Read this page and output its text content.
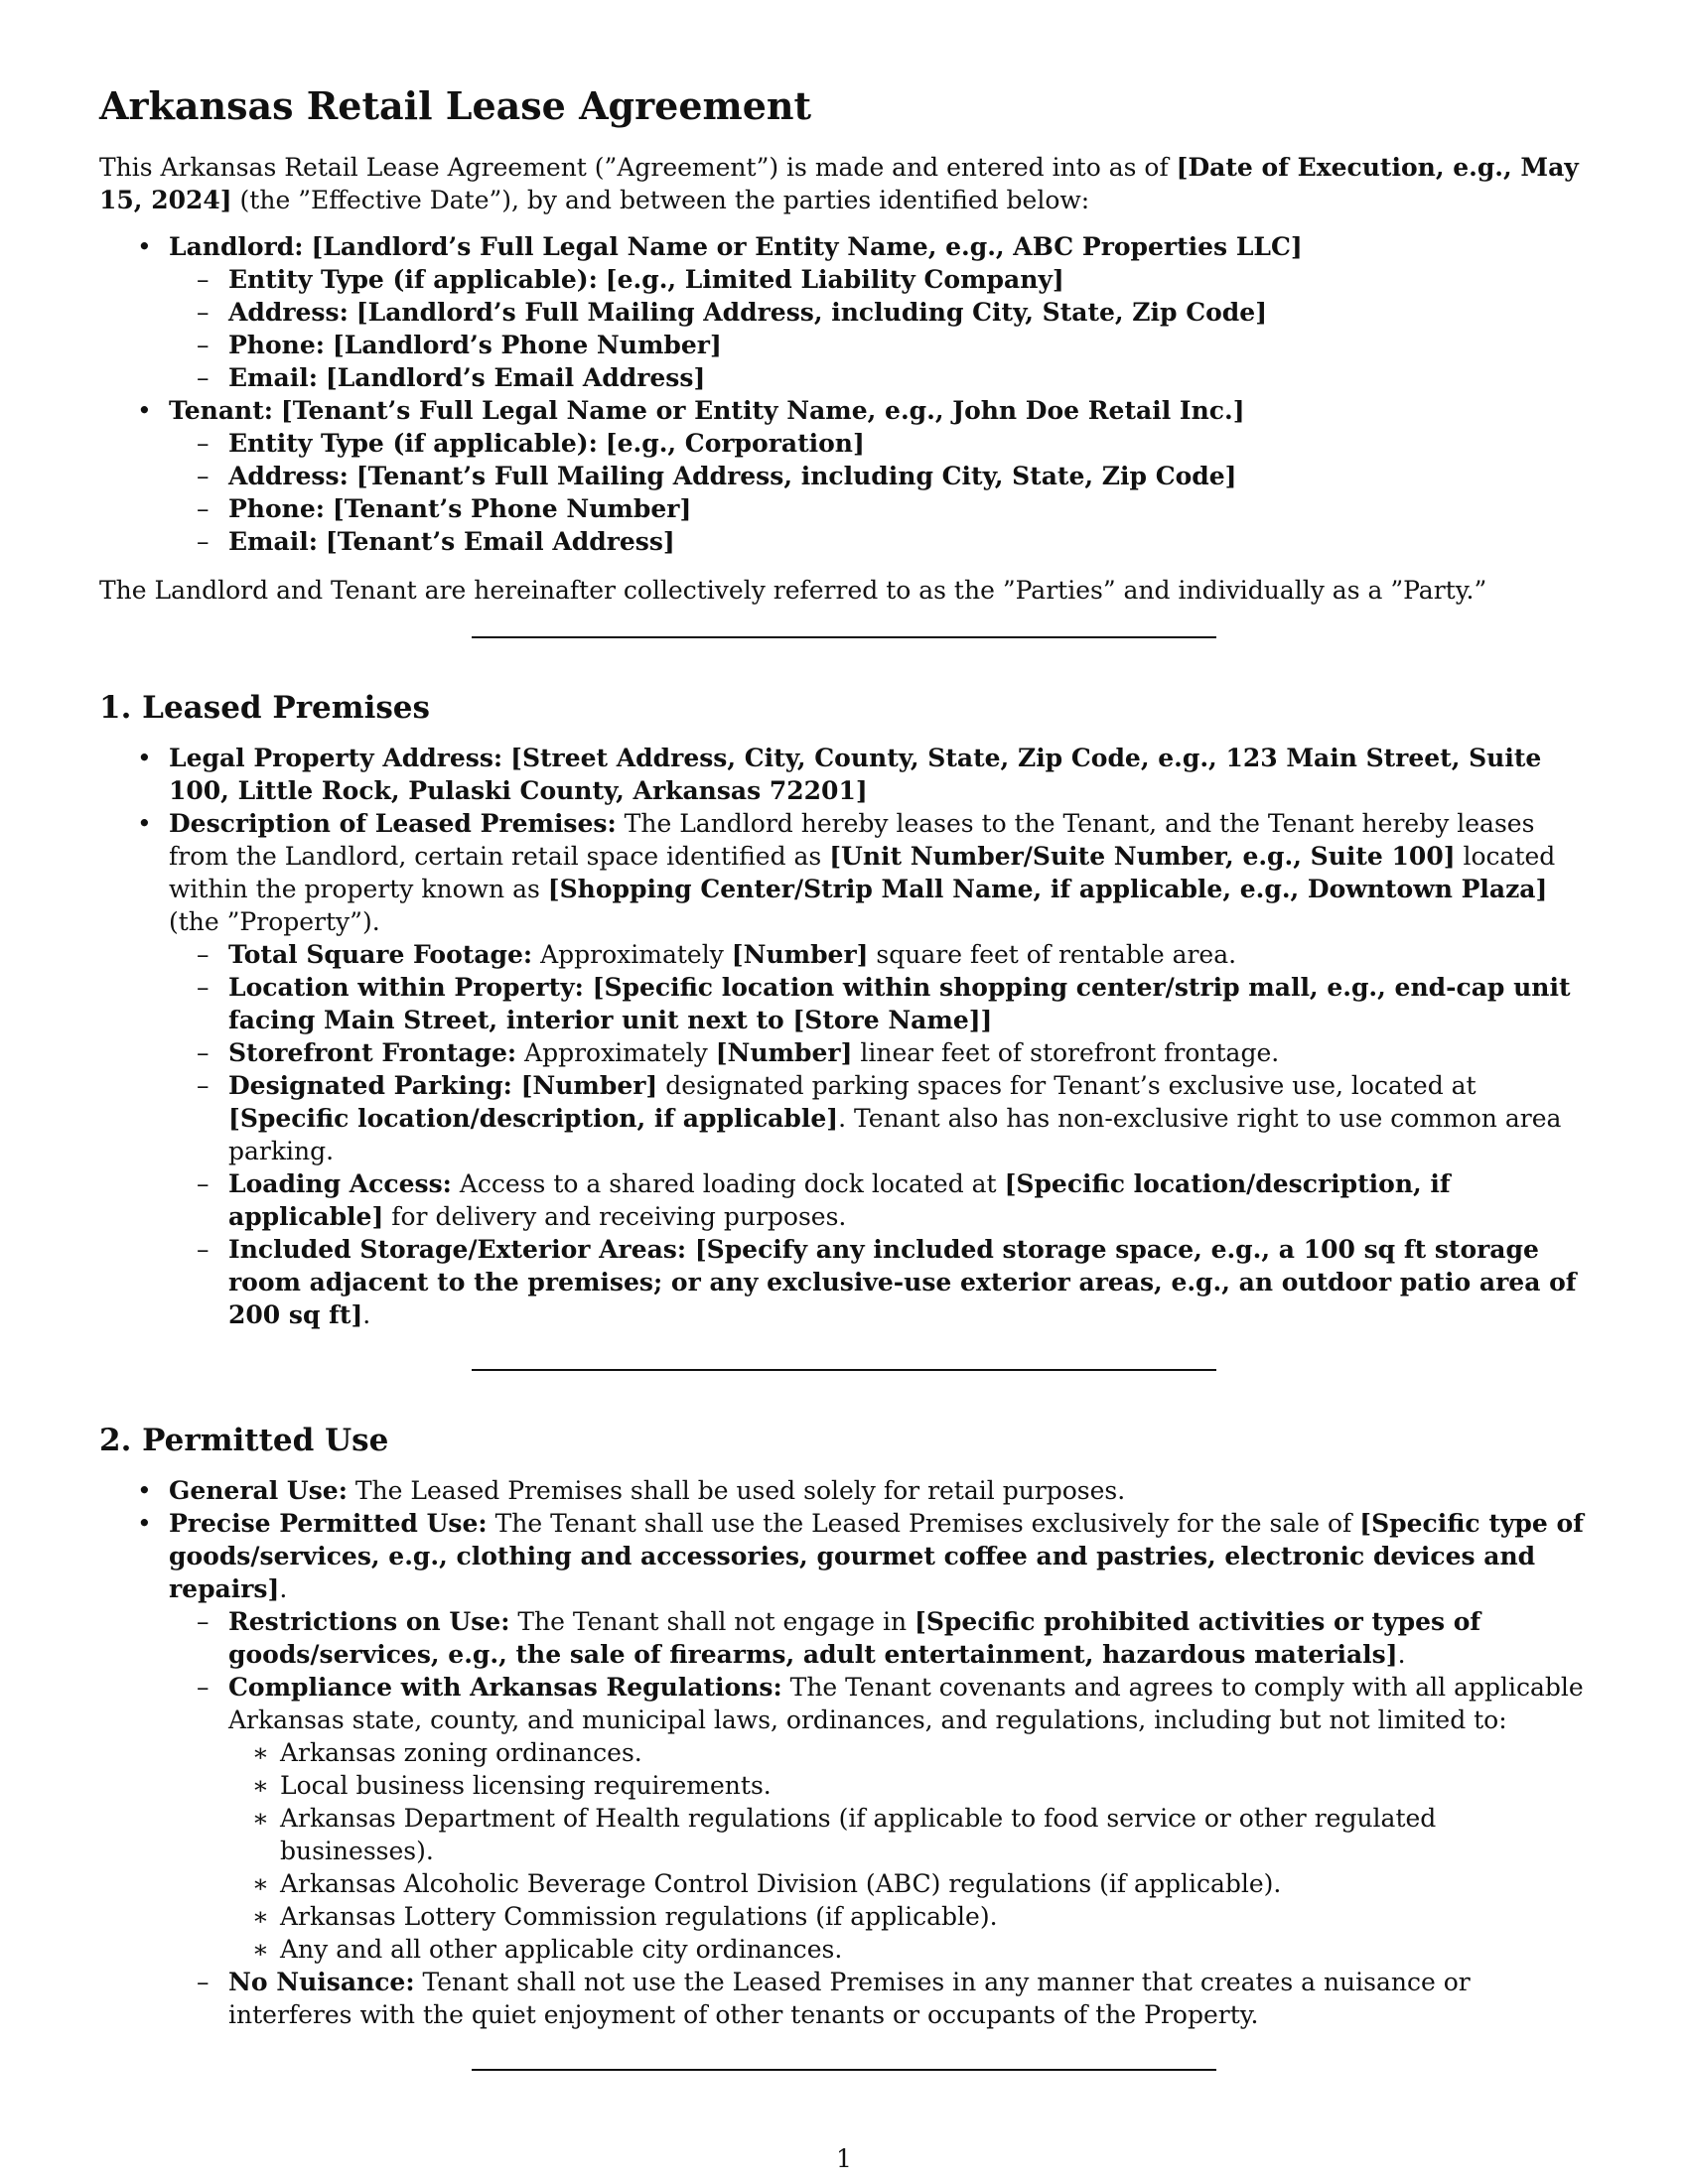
Arkansas Retail Lease Agreement

This Arkansas Retail Lease Agreement (”Agreement”) is made and entered into as of [Date of Execution, e.g., May 15, 2024] (the ”Effective Date”), by and between the parties identified below:

• Landlord: [Landlord’s Full Legal Name or Entity Name, e.g., ABC Properties LLC]
– Entity Type (if applicable): [e.g., Limited Liability Company]
– Address: [Landlord’s Full Mailing Address, including City, State, Zip Code]
– Phone: [Landlord’s Phone Number]
– Email: [Landlord’s Email Address]
• Tenant: [Tenant’s Full Legal Name or Entity Name, e.g., John Doe Retail Inc.]
– Entity Type (if applicable): [e.g., Corporation]
– Address: [Tenant’s Full Mailing Address, including City, State, Zip Code]
– Phone: [Tenant’s Phone Number]
– Email: [Tenant’s Email Address]

The Landlord and Tenant are hereinafter collectively referred to as the ”Parties” and individually as a ”Party.”

1. Leased Premises
• Legal Property Address: [Street Address, City, County, State, Zip Code, e.g., 123 Main Street, Suite 100, Little Rock, Pulaski County, Arkansas 72201]
• Description of Leased Premises: The Landlord hereby leases to the Tenant, and the Tenant hereby leases from the Landlord, certain retail space identified as [Unit Number/Suite Number, e.g., Suite 100] located within the property known as [Shopping Center/Strip Mall Name, if applicable, e.g., Downtown Plaza] (the ”Property”).
– Total Square Footage: Approximately [Number] square feet of rentable area.
– Location within Property: [Specific location within shopping center/strip mall, e.g., end-cap unit facing Main Street, interior unit next to [Store Name]]
– Storefront Frontage: Approximately [Number] linear feet of storefront frontage.
– Designated Parking: [Number] designated parking spaces for Tenant’s exclusive use, located at [Specific location/description, if applicable]. Tenant also has non-exclusive right to use common area parking.
– Loading Access: Access to a shared loading dock located at [Specific location/description, if applicable] for delivery and receiving purposes.
– Included Storage/Exterior Areas: [Specify any included storage space, e.g., a 100 sq ft storage room adjacent to the premises; or any exclusive-use exterior areas, e.g., an outdoor patio area of 200 sq ft].
2. Permitted Use
• General Use: The Leased Premises shall be used solely for retail purposes.
• Precise Permitted Use: The Tenant shall use the Leased Premises exclusively for the sale of [Specific type of goods/services, e.g., clothing and accessories, gourmet coffee and pastries, electronic devices and repairs].
– Restrictions on Use: The Tenant shall not engage in [Specific prohibited activities or types of goods/services, e.g., the sale of firearms, adult entertainment, hazardous materials].
– Compliance with Arkansas Regulations: The Tenant covenants and agrees to comply with all applicable Arkansas state, county, and municipal laws, ordinances, and regulations, including but not limited to:
∗ Arkansas zoning ordinances.
∗ Local business licensing requirements.
∗ Arkansas Department of Health regulations (if applicable to food service or other regulated businesses).
∗ Arkansas Alcoholic Beverage Control Division (ABC) regulations (if applicable).
∗ Arkansas Lottery Commission regulations (if applicable).
∗ Any and all other applicable city ordinances.
– No Nuisance: Tenant shall not use the Leased Premises in any manner that creates a nuisance or interferes with the quiet enjoyment of other tenants or occupants of the Property.
1
